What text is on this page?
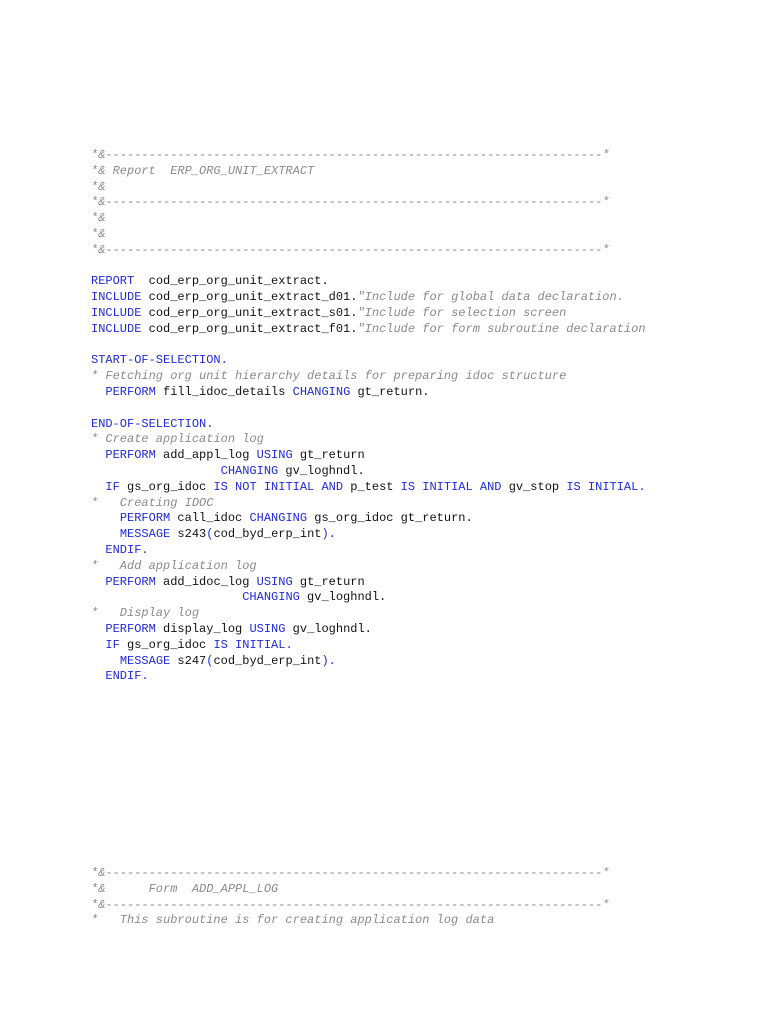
*&---------------------------------------------------------------------*
*& Report  ERP_ORG_UNIT_EXTRACT
*&
*&---------------------------------------------------------------------*
*&
*&
*&---------------------------------------------------------------------*

REPORT  cod_erp_org_unit_extract.
INCLUDE cod_erp_org_unit_extract_d01."Include for global data declaration.
INCLUDE cod_erp_org_unit_extract_s01."Include for selection screen
INCLUDE cod_erp_org_unit_extract_f01."Include for form subroutine declaration

START-OF-SELECTION.
* Fetching org unit hierarchy details for preparing idoc structure
PERFORM fill_idoc_details CHANGING gt_return.

END-OF-SELECTION.
* Create application log
PERFORM add_appl_log USING gt_return
CHANGING gv_loghndl.
IF gs_org_idoc IS NOT INITIAL AND p_test IS INITIAL AND gv_stop IS INITIAL.
*   Creating IDOC
PERFORM call_idoc CHANGING gs_org_idoc gt_return.
MESSAGE s243(cod_byd_erp_int).
ENDIF.
*   Add application log
PERFORM add_idoc_log USING gt_return
CHANGING gv_loghndl.
*   Display log
PERFORM display_log USING gv_loghndl.
IF gs_org_idoc IS INITIAL.
MESSAGE s247(cod_byd_erp_int).
ENDIF.
*&---------------------------------------------------------------------*
*&      Form  ADD_APPL_LOG
*&---------------------------------------------------------------------*
*   This subroutine is for creating application log data
